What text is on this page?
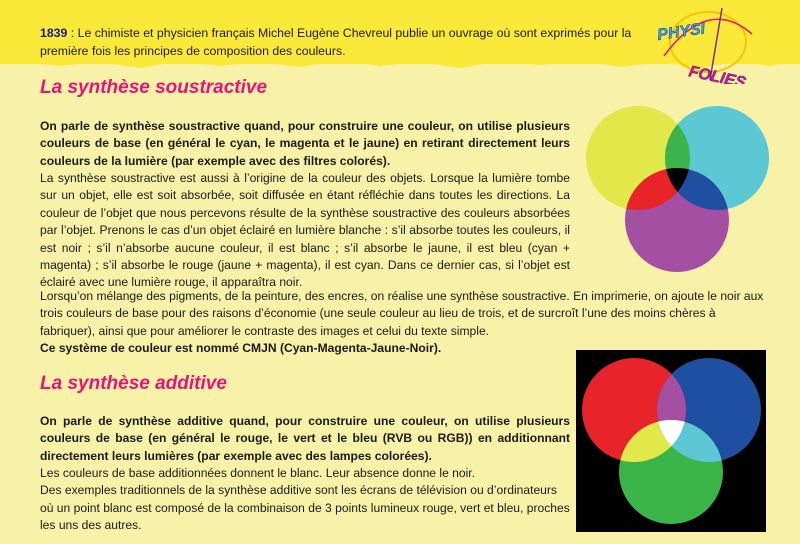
1839 : Le chimiste et physicien français Michel Eugène Chevreul publie un ouvrage où sont exprimés pour la première fois les principes de composition des couleurs.

PHYSI
FOLIES
La synthèse soustractive

On parle de synthèse soustractive quand, pour construire une couleur, on utilise plusieurs couleurs de base (en général le cyan, le magenta et le jaune) en retirant directement leurs couleurs de la lumière (par exemple avec des filtres colorés).

La synthèse soustractive est aussi à l’origine de la couleur des objets. Lorsque la lumière tombe sur un objet, elle est soit absorbée, soit diffusée en étant réfléchie dans toutes les directions. La couleur de l’objet que nous percevons résulte de la synthèse soustractive des couleurs absorbées par l’objet. Prenons le cas d’un objet éclairé en lumière blanche : s’il absorbe toutes les couleurs, il est noir ; s’il n’absorbe aucune couleur, il est blanc ; s’il absorbe le jaune, il est bleu (cyan + magenta) ; s’il absorbe le rouge (jaune + magenta), il est cyan. Dans ce dernier cas, si l’objet est éclairé avec une lumière rouge, il apparaîtra noir.

Lorsqu’on mélange des pigments, de la peinture, des encres, on réalise une synthèse soustractive. En imprimerie, on ajoute le noir aux trois couleurs de base pour des raisons d’économie (une seule couleur au lieu de trois, et de surcroît l’une des moins chères à fabriquer), ainsi que pour améliorer le contraste des images et celui du texte simple.
Ce système de couleur est nommé CMJN (Cyan-Magenta-Jaune-Noir).
La synthèse additive

On parle de synthèse additive quand, pour construire une couleur, on utilise plusieurs couleurs de base (en général le rouge, le vert et le bleu (RVB ou RGB)) en additionnant directement leurs lumières (par exemple avec des lampes colorées).

Les couleurs de base additionnées donnent le blanc. Leur absence donne le noir.
Des exemples traditionnels de la synthèse additive sont les écrans de télévision ou d’ordinateurs où un point blanc est composé de la combinaison de 3 points lumineux rouge, vert et bleu, proches les uns des autres.
